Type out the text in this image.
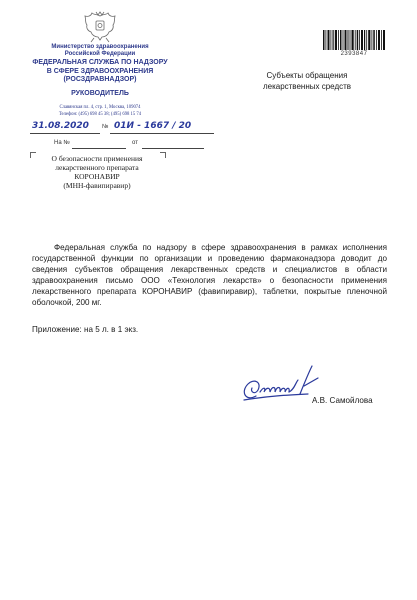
Министерство здравоохранения
Российской Федерации
ФЕДЕРАЛЬНАЯ СЛУЖБА ПО НАДЗОРУ
В СФЕРЕ ЗДРАВООХРАНЕНИЯ
(РОСЗДРАВНАДЗОР)
РУКОВОДИТЕЛЬ
Славянская пл. 4, стр. 1, Москва, 109074
Телефон: (495) 698 45 38; (495) 698 15 74
2393847
Субъекты обращения
лекарственных средств
31.08.2020 № 01И - 1667 / 20
На №	от
О безопасности применения
лекарственного препарата
КОРОНАВИР
(МНН-фавипиравир)
Федеральная служба по надзору в сфере здравоохранения в рамках исполнения государственной функции по организации и проведению фармаконадзора доводит до сведения субъектов обращения лекарственных средств и специалистов в области здравоохранения письмо ООО «Технология лекарств» о безопасности применения лекарственного препарата КОРОНАВИР (фавипиравир), таблетки, покрытые пленочной оболочкой, 200 мг.
Приложение: на 5 л. в 1 экз.
А.В. Самойлова
